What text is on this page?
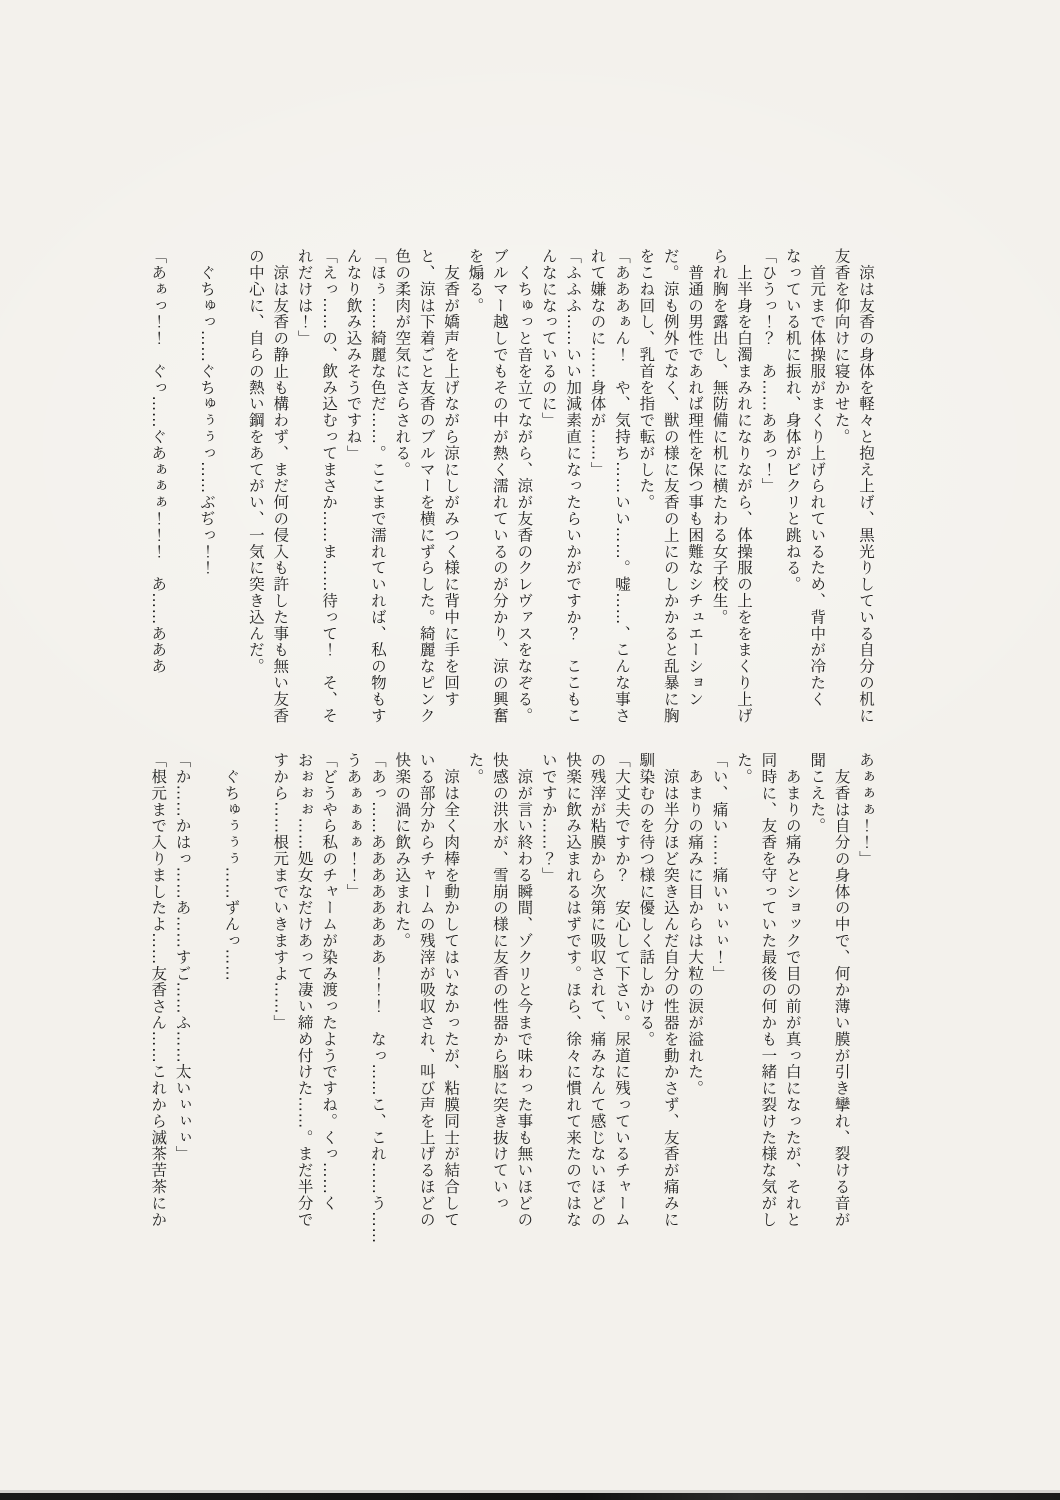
　涼は友香の身体を軽々と抱え上げ、黒光りしている自分の机に

友香を仰向けに寝かせた。

　首元まで体操服がまくり上げられているため、背中が冷たく

なっている机に振れ、身体がビクリと跳ねる。

「ひうっ！？　あ……ああっ！」

　上半身を白濁まみれになりながら、体操服の上ををまくり上げ

られ胸を露出し、無防備に机に横たわる女子校生。

　普通の男性であれば理性を保つ事も困難なシチュエーション

だ。涼も例外でなく、獣の様に友香の上にのしかかると乱暴に胸

をこね回し、乳首を指で転がした。

「あああぁん！　や、気持ち……いい……。嘘……、こんな事さ

れて嫌なのに……身体が……」

「ふふふ……いい加減素直になったらいかがですか？　ここもこ

んなになっているのに」

　くちゅっと音を立てながら、涼が友香のクレヴァスをなぞる。

ブルマー越しでもその中が熱く濡れているのが分かり、涼の興奮

を煽る。

　友香が嬌声を上げながら涼にしがみつく様に背中に手を回す

と、涼は下着ごと友香のブルマーを横にずらした。綺麗なピンク

色の柔肉が空気にさらされる。

「ほぅ……綺麗な色だ……。ここまで濡れていれば、私の物もす

んなり飲み込みそうですね」

「えっ……の、飲み込むってまさか……ま……待って！　そ、そ

れだけは！」

　涼は友香の静止も構わず、まだ何の侵入も許した事も無い友香

の中心に、自らの熱い鋼をあてがい、一気に突き込んだ。

　ぐちゅっ……ぐちゅぅぅっ……ぶぢっ！！

「あぁっ！！　ぐっ……ぐあぁぁぁ！！！　あ……あああ

あぁぁぁ！！」

　友香は自分の身体の中で、何か薄い膜が引き攣れ、裂ける音が

聞こえた。

　あまりの痛みとショックで目の前が真っ白になったが、それと

同時に、友香を守っていた最後の何かも一緒に裂けた様な気がし

た。

「い、痛い……痛いぃぃぃ！」

　あまりの痛みに目からは大粒の涙が溢れた。

　涼は半分ほど突き込んだ自分の性器を動かさず、友香が痛みに

馴染むのを待つ様に優しく話しかける。

「大丈夫ですか？　安心して下さい。尿道に残っているチャーム

の残滓が粘膜から次第に吸収されて、痛みなんて感じないほどの

快楽に飲み込まれるはずです。ほら、徐々に慣れて来たのではな

いですか……？」

　涼が言い終わる瞬間、ゾクリと今まで味わった事も無いほどの

快感の洪水が、雪崩の様に友香の性器から脳に突き抜けていっ

た。

　涼は全く肉棒を動かしてはいなかったが、粘膜同士が結合して

いる部分からチャームの残滓が吸収され、叫び声を上げるほどの

快楽の渦に飲み込まれた。

「あっ……ああああああああ！！！　なっ……こ、これ……う……

うあぁぁぁぁ！！」

「どうやら私のチャームが染み渡ったようですね。くっ……く

おぉぉぉ……処女なだけあって凄い締め付けた……。まだ半分で

すから……根元までいきますよ……」

　ぐちゅぅぅぅ……ずんっ……

「か……かはっ……あ……すご……ふ……太いぃぃぃ」

「根元まで入りましたよ……友香さん……これから滅茶苦茶にか
